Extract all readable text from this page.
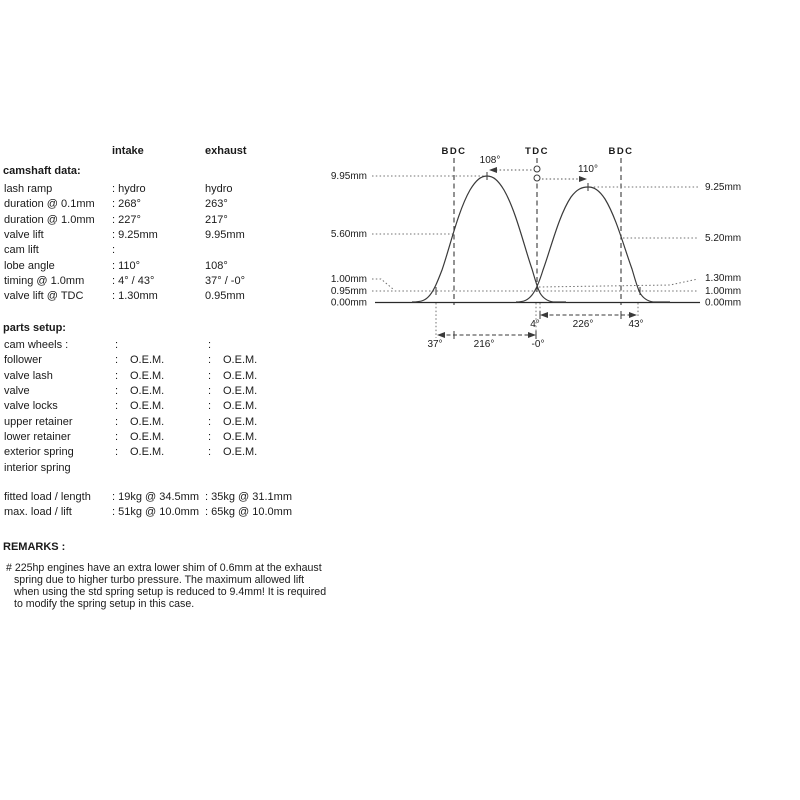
intake	exhaust
camshaft data:
lash ramp	: hydro	hydro
duration @ 0.1mm	: 268°	263°
duration @ 1.0mm	: 227°	217°
valve lift	: 9.25mm	9.95mm
cam lift	:
lobe angle	: 110°	108°
timing @ 1.0mm	: 4° / 43°	37° / -0°
valve lift @ TDC	: 1.30mm	0.95mm
parts setup:
cam wheels :	:	:
follower	: O.E.M.	: O.E.M.
valve lash	: O.E.M.	: O.E.M.
valve	: O.E.M.	: O.E.M.
valve locks	: O.E.M.	: O.E.M.
upper retainer	: O.E.M.	: O.E.M.
lower retainer	: O.E.M.	: O.E.M.
exterior spring	: O.E.M.	: O.E.M.
interior spring
fitted load / length	: 19kg @ 34.5mm : 35kg @ 31.1mm
max. load / lift	: 51kg @ 10.0mm : 65kg @ 10.0mm
REMARKS :
# 225hp engines have an extra lower shim of 0.6mm at the exhaust
spring due to higher turbo pressure. The maximum allowed lift
when using the std spring setup is reduced to 9.4mm! It is required
to modify the spring setup in this case.
BDC	TDC	BDC
108°
110°
9.95mm
5.60mm
1.00mm
0.95mm
0.00mm
9.25mm
5.20mm
1.30mm
1.00mm
0.00mm
4°	226°	43°
37°	216°	-0°
